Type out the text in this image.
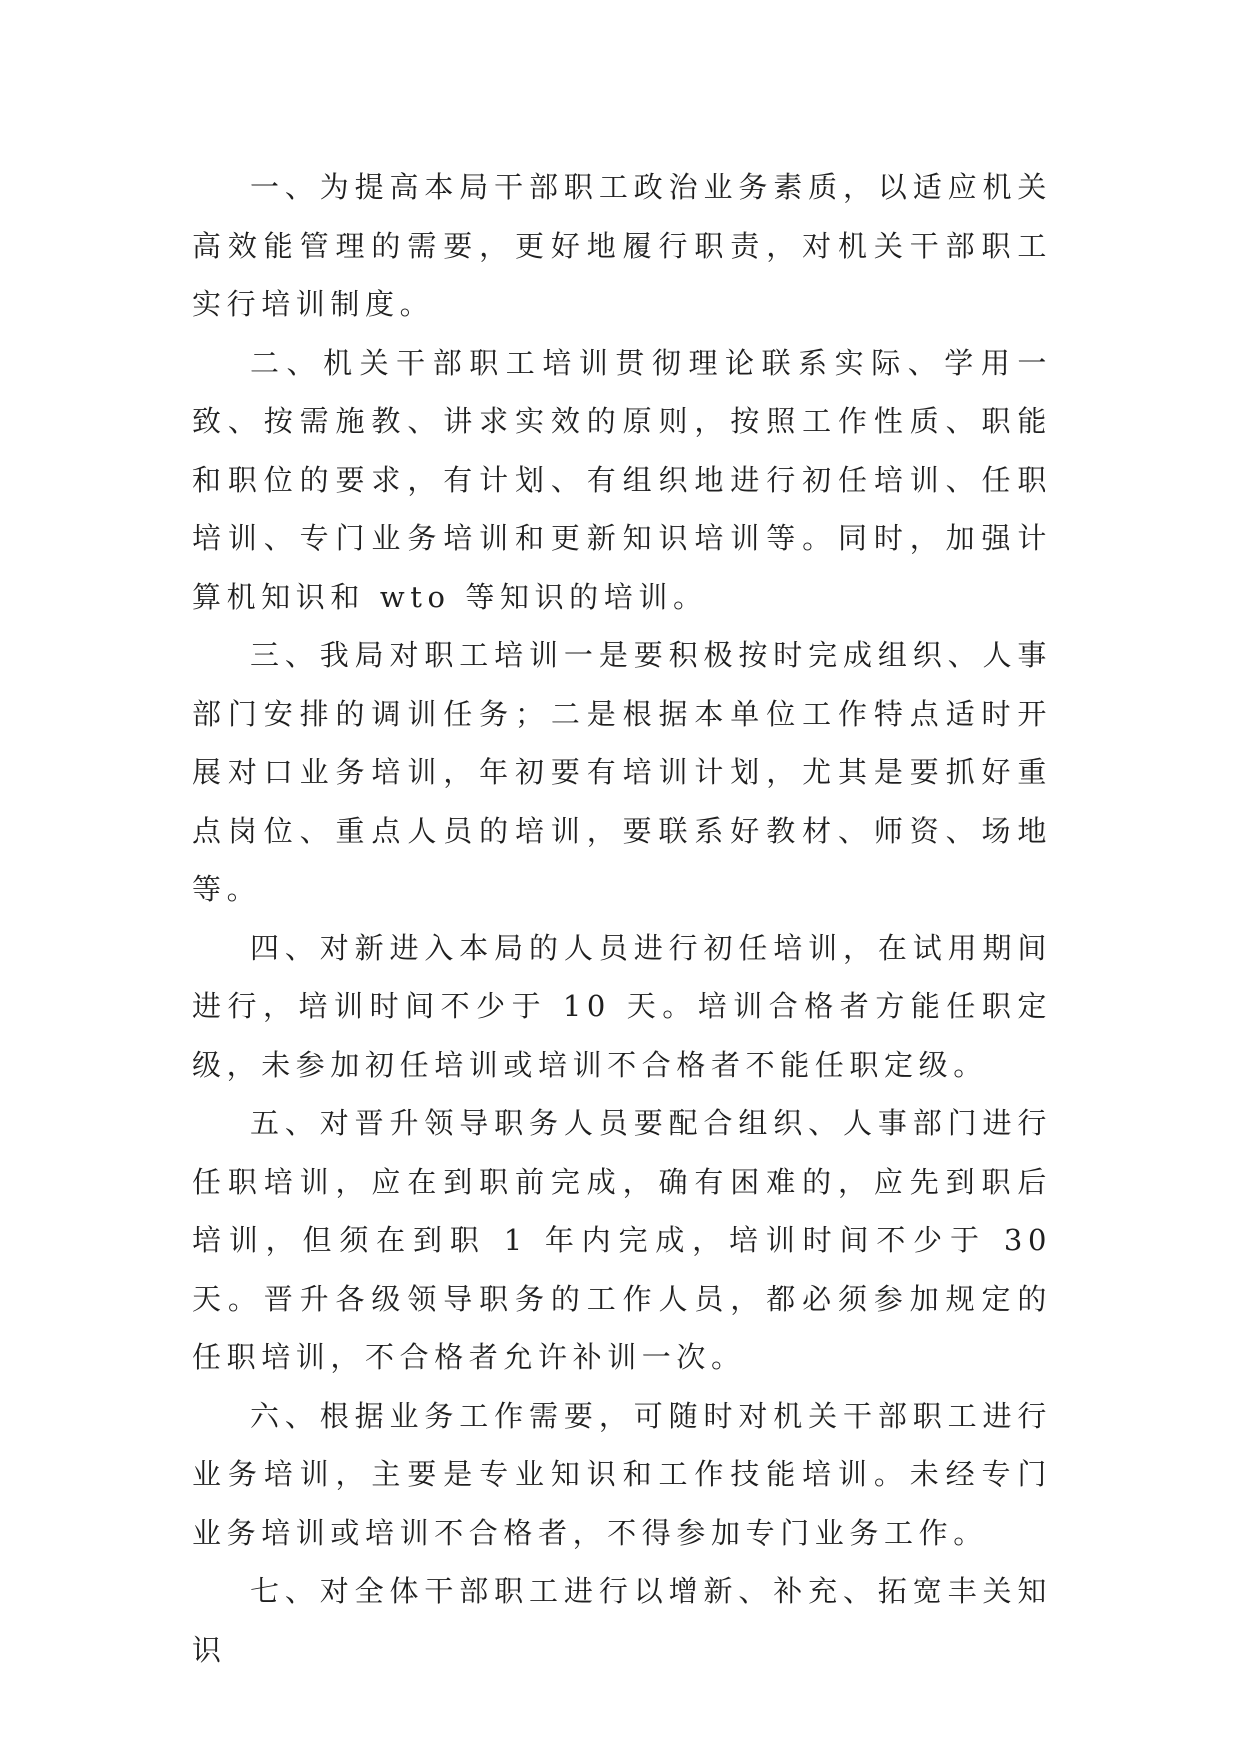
一、为提高本局干部职工政治业务素质，以适应机关高效能管理的需要，更好地履行职责，对机关干部职工实行培训制度。

二、机关干部职工培训贯彻理论联系实际、学用一致、按需施教、讲求实效的原则，按照工作性质、职能和职位的要求，有计划、有组织地进行初任培训、任职培训、专门业务培训和更新知识培训等。同时，加强计算机知识和 wto 等知识的培训。

三、我局对职工培训一是要积极按时完成组织、人事部门安排的调训任务；二是根据本单位工作特点适时开展对口业务培训，年初要有培训计划，尤其是要抓好重点岗位、重点人员的培训，要联系好教材、师资、场地等。

四、对新进入本局的人员进行初任培训，在试用期间进行，培训时间不少于 10 天。培训合格者方能任职定级，未参加初任培训或培训不合格者不能任职定级。

五、对晋升领导职务人员要配合组织、人事部门进行任职培训，应在到职前完成，确有困难的，应先到职后培训，但须在到职 1 年内完成，培训时间不少于 30 天。晋升各级领导职务的工作人员，都必须参加规定的任职培训，不合格者允许补训一次。

六、根据业务工作需要，可随时对机关干部职工进行业务培训，主要是专业知识和工作技能培训。未经专门业务培训或培训不合格者，不得参加专门业务工作。

七、对全体干部职工进行以增新、补充、拓宽丰关知识
